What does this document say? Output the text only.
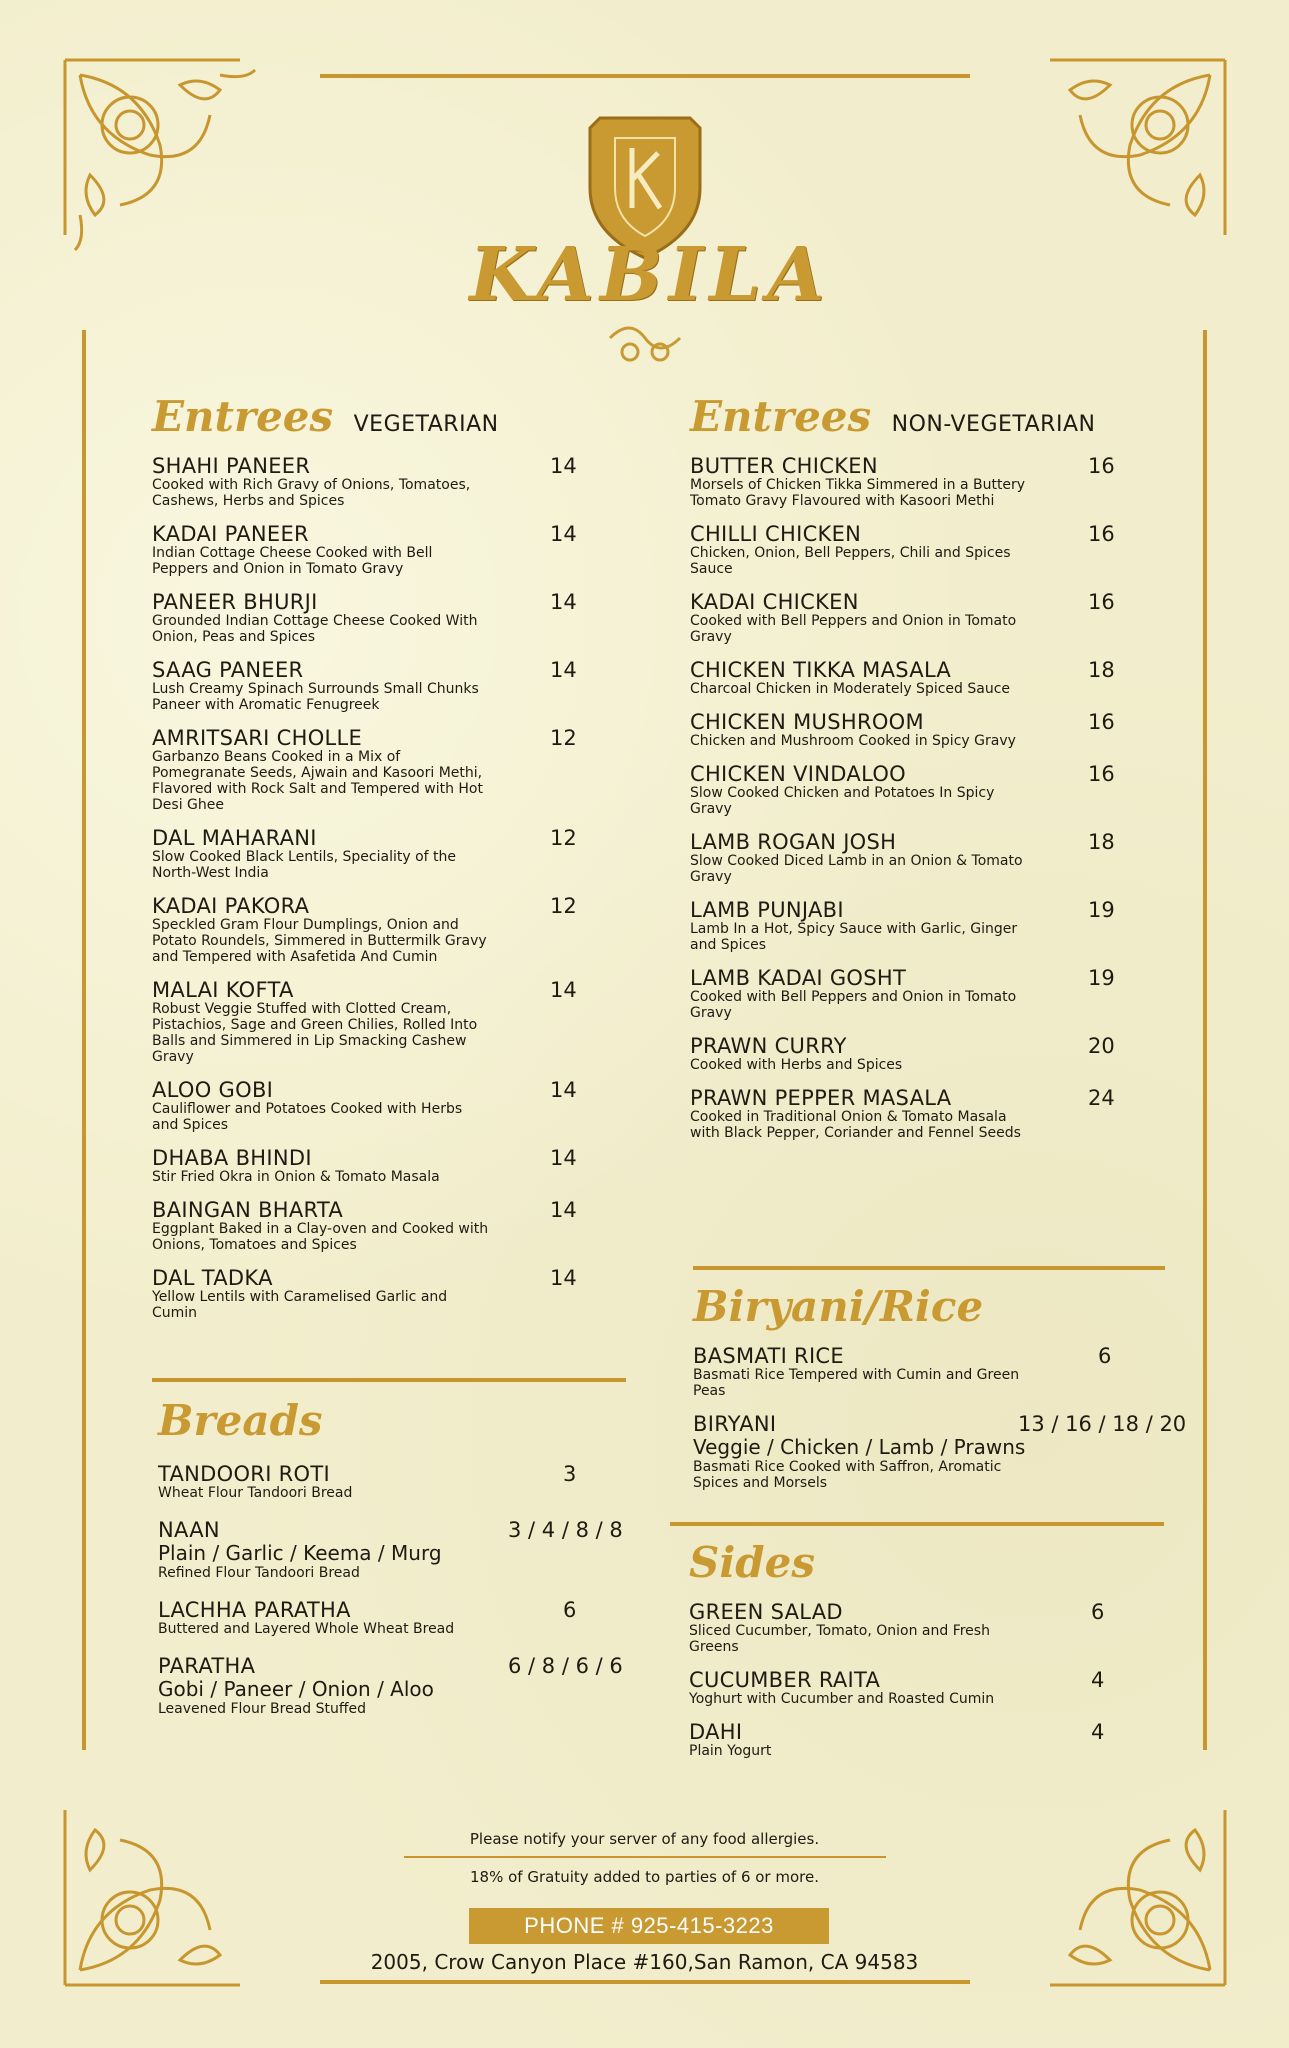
KABILA
Entrees VEGETARIAN
SHAHI PANEER
Cooked with Rich Gravy of Onions, Tomatoes, Cashews, Herbs and Spices
14
KADAI PANEER
Indian Cottage Cheese Cooked with Bell Peppers and Onion in Tomato Gravy
14
PANEER BHURJI
Grounded Indian Cottage Cheese Cooked With Onion, Peas and Spices
14
SAAG PANEER
Lush Creamy Spinach Surrounds Small Chunks Paneer with Aromatic Fenugreek
14
AMRITSARI CHOLLE
Garbanzo Beans Cooked in a Mix of Pomegranate Seeds, Ajwain and Kasoori Methi, Flavored with Rock Salt and Tempered with Hot Desi Ghee
12
DAL MAHARANI
Slow Cooked Black Lentils, Speciality of the North-West India
12
KADAI PAKORA
Speckled Gram Flour Dumplings, Onion and Potato Roundels, Simmered in Buttermilk Gravy and Tempered with Asafetida And Cumin
12
MALAI KOFTA
Robust Veggie Stuffed with Clotted Cream, Pistachios, Sage and Green Chilies, Rolled Into Balls and Simmered in Lip Smacking Cashew Gravy
14
ALOO GOBI
Cauliflower and Potatoes Cooked with Herbs and Spices
14
DHABA BHINDI
Stir Fried Okra in Onion & Tomato Masala
14
BAINGAN BHARTA
Eggplant Baked in a Clay-oven and Cooked with Onions, Tomatoes and Spices
14
DAL TADKA
Yellow Lentils with Caramelised Garlic and Cumin
14
Breads
TANDOORI ROTI
Wheat Flour Tandoori Bread
3
NAAN
Plain / Garlic / Keema / Murg
Refined Flour Tandoori Bread
3 / 4 / 8 / 8
LACHHA PARATHA
Buttered and Layered Whole Wheat Bread
6
PARATHA
Gobi / Paneer / Onion / Aloo
Leavened Flour Bread Stuffed
6 / 8 / 6 / 6
Entrees NON-VEGETARIAN
BUTTER CHICKEN
Morsels of Chicken Tikka Simmered in a Buttery Tomato Gravy Flavoured with Kasoori Methi
16
CHILLI CHICKEN
Chicken, Onion, Bell Peppers, Chili and Spices Sauce
16
KADAI CHICKEN
Cooked with Bell Peppers and Onion in Tomato Gravy
16
CHICKEN TIKKA MASALA
Charcoal Chicken in Moderately Spiced Sauce
18
CHICKEN MUSHROOM
Chicken and Mushroom Cooked in Spicy Gravy
16
CHICKEN VINDALOO
Slow Cooked Chicken and Potatoes In Spicy Gravy
16
LAMB ROGAN JOSH
Slow Cooked Diced Lamb in an Onion & Tomato Gravy
18
LAMB PUNJABI
Lamb In a Hot, Spicy Sauce with Garlic, Ginger and Spices
19
LAMB KADAI GOSHT
Cooked with Bell Peppers and Onion in Tomato Gravy
19
PRAWN CURRY
Cooked with Herbs and Spices
20
PRAWN PEPPER MASALA
Cooked in Traditional Onion & Tomato Masala with Black Pepper, Coriander and Fennel Seeds
24
Biryani/Rice
BASMATI RICE
Basmati Rice Tempered with Cumin and Green Peas
6
BIRYANI
Veggie / Chicken / Lamb / Prawns
Basmati Rice Cooked with Saffron, Aromatic Spices and Morsels
13 / 16 / 18 / 20
Sides
GREEN SALAD
Sliced Cucumber, Tomato, Onion and Fresh Greens
6
CUCUMBER RAITA
Yoghurt with Cucumber and Roasted Cumin
4
DAHI
Plain Yogurt
4
Please notify your server of any food allergies.
18% of Gratuity added to parties of 6 or more.
PHONE # 925-415-3223
2005, Crow Canyon Place #160,San Ramon, CA 94583
